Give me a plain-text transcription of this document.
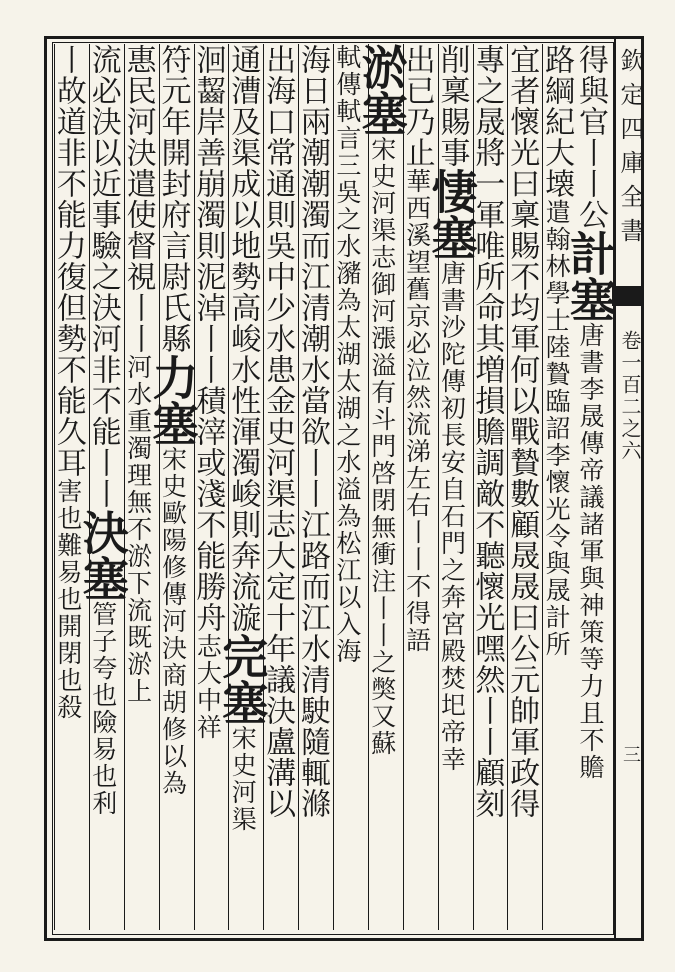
欽定四庫全書
卷一百二之六
三
得與官丨丨公計塞唐書李晟傳帝議諸軍與神策等力且不贍
路綱紀大壊遣翰林學士陸贄臨詔李懷光令與晟計所
宜者懷光曰稟賜不均軍何以戰贄數顧晟晟曰公元帥軍政得
專之晟將一軍唯所命其増損贍調敵不聽懷光嘿然丨丨顧刻
削稟賜事悽塞唐書沙陀傳初長安自石門之奔宮殿焚圯帝幸
出已乃止華西溪望舊京必泣然流涕左右丨丨不得語
淤塞宋史河渠志御河漲溢有斗門啓閉無衝注丨丨之獘又蘇
軾傳軾言三吳之水瀦為太湖太湖之水溢為松江以入海
海日兩潮潮濁而江清潮水當欲丨丨江路而江水清駛隨輒滌
出海口常通則吳中少水患金史河渠志大定十年議決盧溝以
通漕及渠成以地勢高峻水性渾濁峻則奔流漩完塞宋史河渠
洄齧岸善崩濁則泥淖丨丨積滓或淺不能勝舟志大中祥
符元年開封府言尉氏縣力塞宋史歐陽修傳河決商胡修以為
惠民河決遣使督視丨丨河水重濁理無不淤下流既淤上
流必決以近事驗之決河非不能丨丨決塞管子夸也險易也利
丨故道非不能力復但勢不能久耳害也難易也開閉也殺
